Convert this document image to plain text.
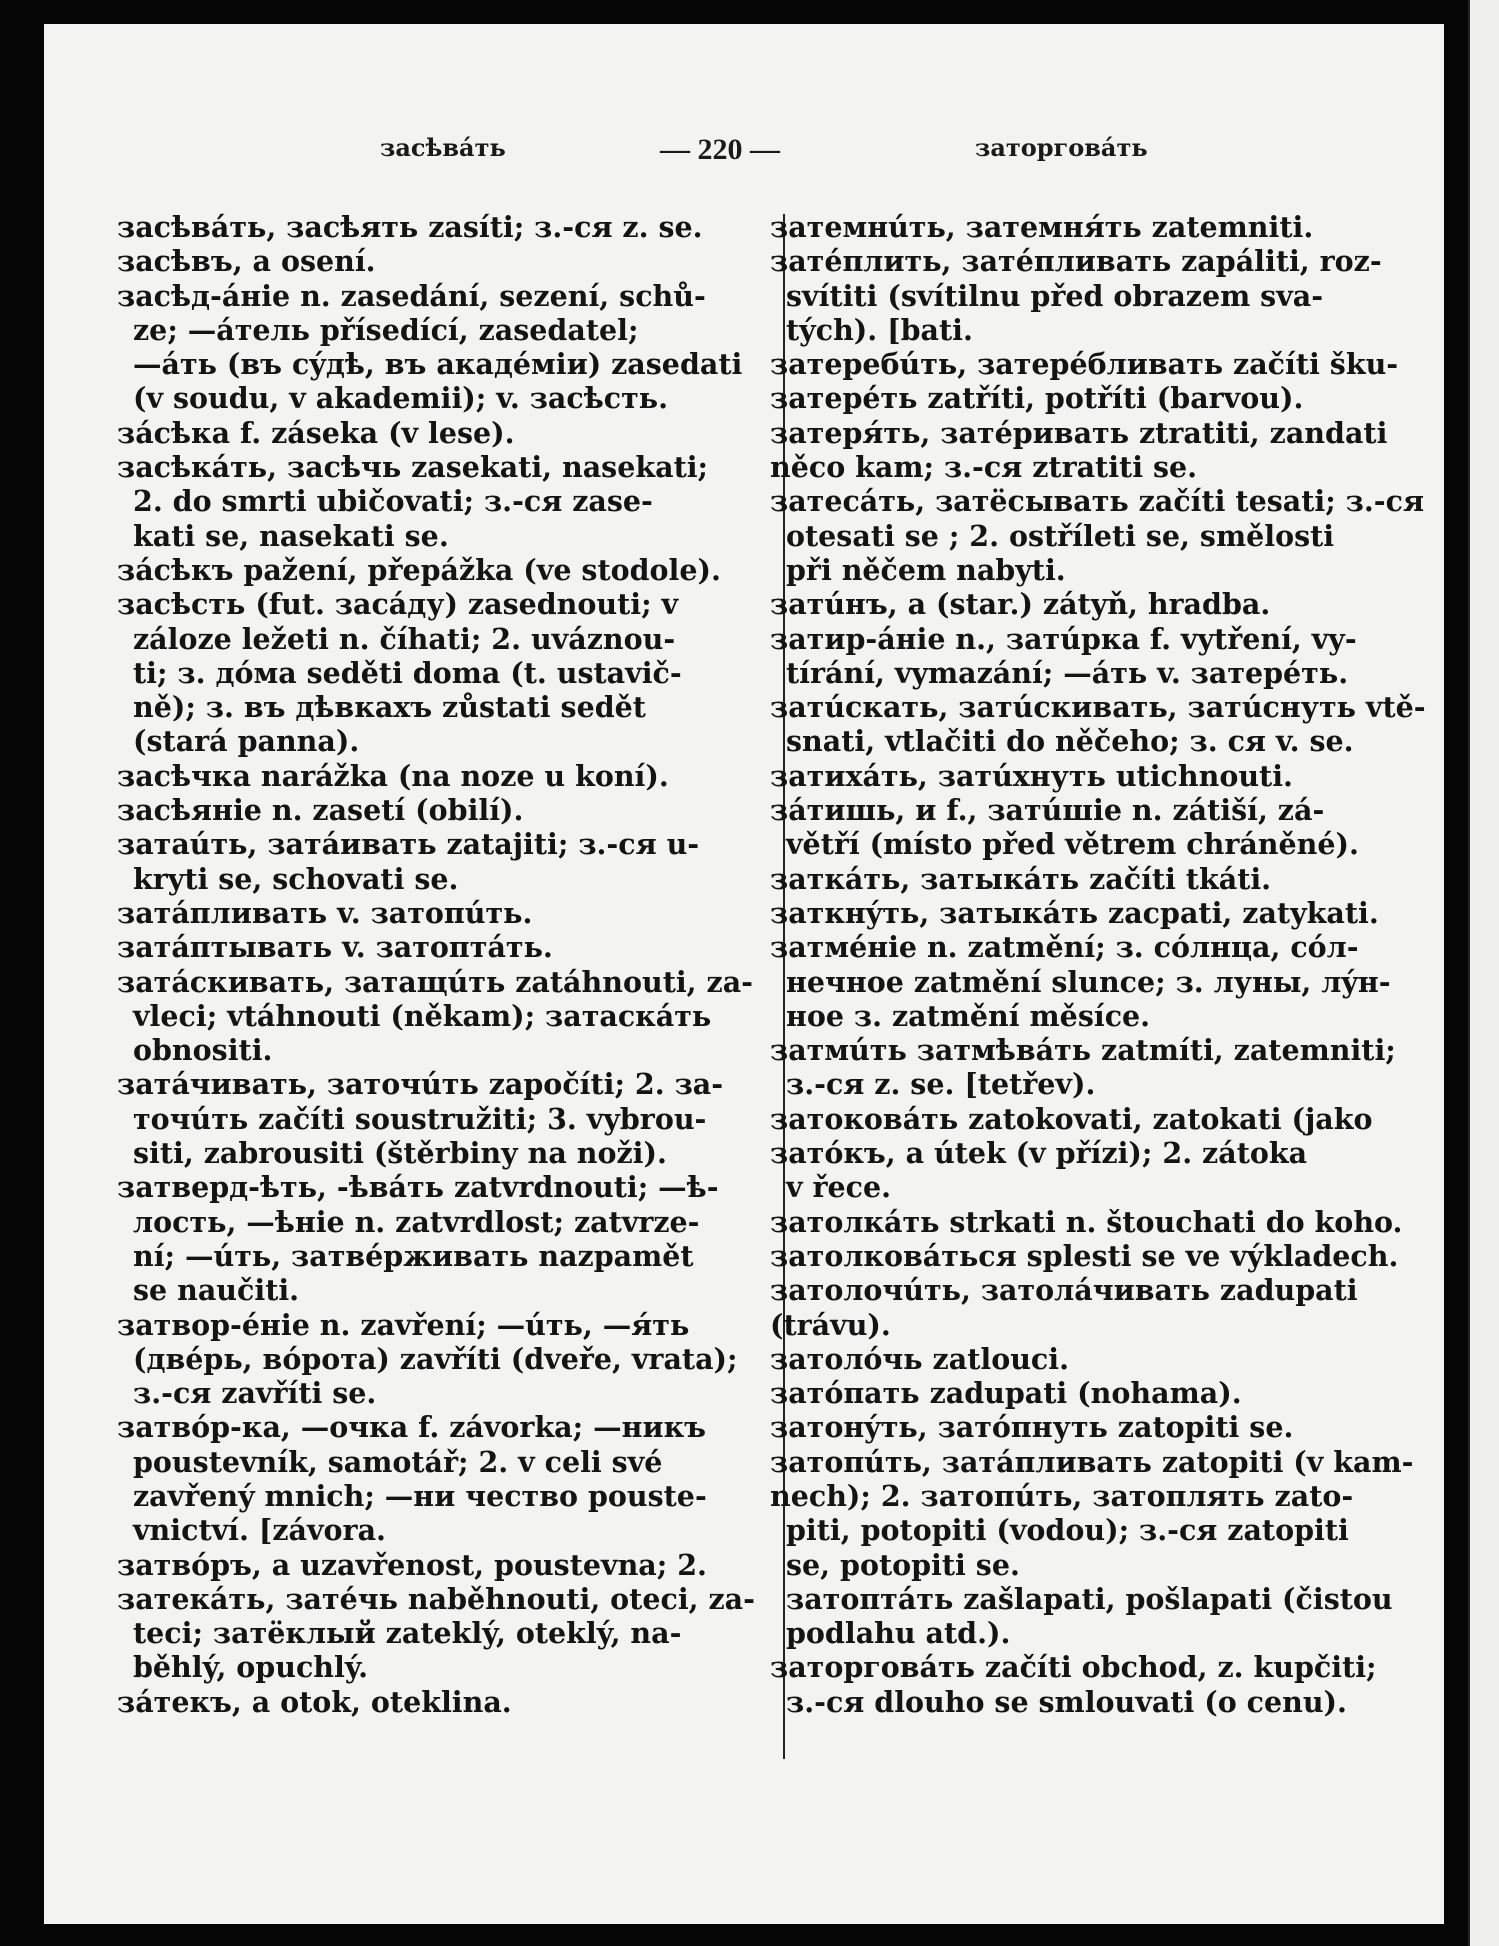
засѣвáть	— 220 —	заторговáть
засѣвáть, засѣять zasíti; з.-ся z. se.
засѣвъ, a osení.
засѣд-áніе n. zasedání, sezení, schů-
ze; —áтель přísedící, zasedatel;
—áть (въ сýдѣ, въ акадéміи) zasedati
(v soudu, v akademii); v. засѣсть.
зáсѣка f. záseka (v lese).
засѣкáть, засѣчь zasekati, nasekati;
2. do smrti ubičovati; з.-ся zase-
kati se, nasekati se.
зáсѣкъ pažení, přepážka (ve stodole).
засѣсть (fut. засáду) zasednouti; v
záloze ležeti n. číhati; 2. uváznou-
ti; з. дóма seděti doma (t. ustavič-
ně); з. въ дѣвкахъ zůstati sedět
(stará panna).
засѣчка narážka (na noze u koní).
засѣяніе n. zasetí (obilí).
затаúть, затáивать zatajiti; з.-ся u-
kryti se, schovati se.
затáпливать v. затопúть.
затáптывать v. затоптáть.
затáскивать, затащúть zatáhnouti, za-
vleci; vtáhnouti (někam); затаскáть
obnositi.
затáчивать, заточúть započíti; 2. за-
точúть začíti soustružiti; 3. vybrou-
siti, zabrousiti (štěrbiny na noži).
затверд-ѣть, -ѣвáть zatvrdnouti; —ѣ-
лость, —ѣніе n. zatvrdlost; zatvrze-
ní; —úть, затвéрживать nazpamět
se naučiti.
затвор-éніе n. zavření; —úть, —я́ть
(двéрь, вóрота) zavříti (dveře, vrata);
з.-ся zavříti se.
затвóр-ка, —очка f. závorka; —никъ
poustevník, samotář; 2. v celi své
zavřený mnich; —ни чество pouste-
vnictví. [závora.
затвóръ, a uzavřenost, poustevna; 2.
затекáть, затéчь naběhnouti, oteci, za-
teci; затёклый zateklý, oteklý, na-
běhlý, opuchlý.
зáтекъ, a otok, oteklina.
затемнúть, затемня́ть zatemniti.
затéплить, затéпливать zapáliti, roz-
svítiti (svítilnu před obrazem sva-
tých). [bati.
затеребúть, затерéбливать začíti šku-
затерéть zatříti, potříti (barvou).
затеря́ть, затéривать ztratiti, zandati
něco kam; з.-ся ztratiti se.
затесáть, затёсывать začíti tesati; з.-ся
otesati se ; 2. ostříleti se, smělosti
při něčem nabyti.
затúнъ, a (star.) zátyň, hradba.
затир-áніе n., затúрка f. vytření, vy-
tírání, vymazání; —áть v. затерéть.
затúскать, затúскивать, затúснуть vtě-
snati, vtlačiti do něčeho; з. ся v. se.
затихáть, затúхнуть utichnouti.
зáтишь, и f., затúшіе n. zátiší, zá-
větří (místo před větrem chráněné).
заткáть, затыкáть začíti tkáti.
заткнýть, затыкáть zacpati, zatykati.
затмéніе n. zatmění; з. сóлнца, сóл-
нечное zatmění slunce; з. луны, лýн-
ное з. zatmění měsíce.
затмúть затмѣвáть zatmíti, zatemniti;
з.-ся z. se. [tetřev).
затоковáть zatokovati, zatokati (jako
затóкъ, a útek (v přízi); 2. zátoka
v řece.
затолкáть strkati n. štouchati do koho.
затолковáться splesti se ve výkladech.
затолочúть, затолáчивать zadupati
(trávu).
затолóчь zatlouci.
затóпать zadupati (nohama).
затонýть, затóпнуть zatopiti se.
затопúть, затáпливать zatopiti (v kam-
nech); 2. затопúть, затоплять zato-
piti, potopiti (vodou); з.-ся zatopiti
se, potopiti se.
затоптáть zašlapati, pošlapati (čistou
podlahu atd.).
заторговáть začíti obchod, z. kupčiti;
з.-ся dlouho se smlouvati (o cenu).
